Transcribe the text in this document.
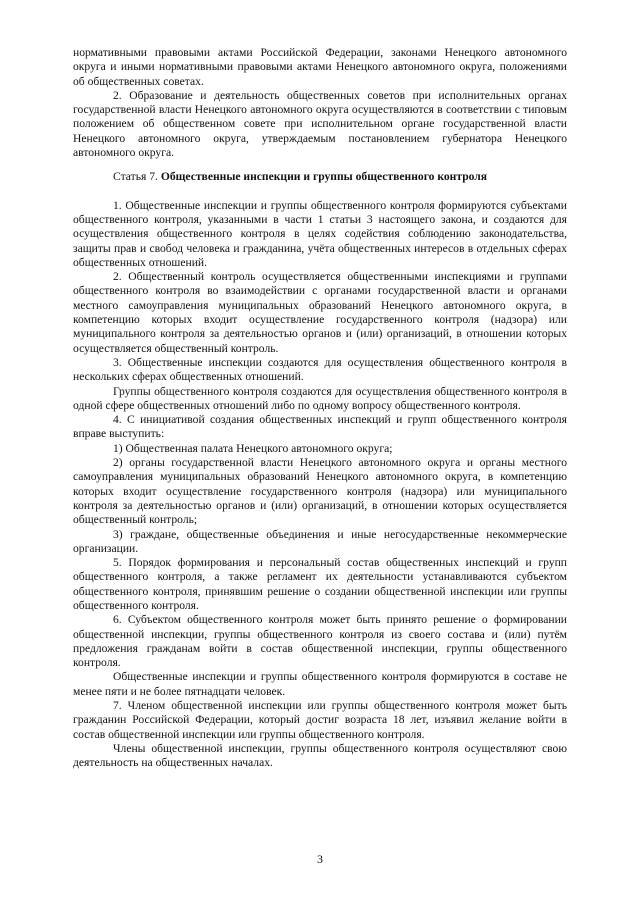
нормативными правовыми актами Российской Федерации, законами Ненецкого автономного округа и иными нормативными правовыми актами Ненецкого автономного округа, положениями об общественных советах.

2. Образование и деятельность общественных советов при исполнительных органах государственной власти Ненецкого автономного округа осуществляются в соответствии с типовым положением об общественном совете при исполнительном органе государственной власти Ненецкого автономного округа, утверждаемым постановлением губернатора Ненецкого автономного округа.

Статья 7. Общественные инспекции и группы общественного контроля

1. Общественные инспекции и группы общественного контроля формируются субъектами общественного контроля, указанными в части 1 статьи 3 настоящего закона, и создаются для осуществления общественного контроля в целях содействия соблюдению законодательства, защиты прав и свобод человека и гражданина, учёта общественных интересов в отдельных сферах общественных отношений.

2. Общественный контроль осуществляется общественными инспекциями и группами общественного контроля во взаимодействии с органами государственной власти и органами местного самоуправления муниципальных образований Ненецкого автономного округа, в компетенцию которых входит осуществление государственного контроля (надзора) или муниципального контроля за деятельностью органов и (или) организаций, в отношении которых осуществляется общественный контроль.

3. Общественные инспекции создаются для осуществления общественного контроля в нескольких сферах общественных отношений.

Группы общественного контроля создаются для осуществления общественного контроля в одной сфере общественных отношений либо по одному вопросу общественного контроля.

4. С инициативой создания общественных инспекций и групп общественного контроля вправе выступить:

1) Общественная палата Ненецкого автономного округа;

2) органы государственной власти Ненецкого автономного округа и органы местного самоуправления муниципальных образований Ненецкого автономного округа, в компетенцию которых входит осуществление государственного контроля (надзора) или муниципального контроля за деятельностью органов и (или) организаций, в отношении которых осуществляется общественный контроль;

3) граждане, общественные объединения и иные негосударственные некоммерческие организации.

5. Порядок формирования и персональный состав общественных инспекций и групп общественного контроля, а также регламент их деятельности устанавливаются субъектом общественного контроля, принявшим решение о создании общественной инспекции или группы общественного контроля.

6. Субъектом общественного контроля может быть принято решение о формировании общественной инспекции, группы общественного контроля из своего состава и (или) путём предложения гражданам войти в состав общественной инспекции, группы общественного контроля.

Общественные инспекции и группы общественного контроля формируются в составе не менее пяти и не более пятнадцати человек.

7. Членом общественной инспекции или группы общественного контроля может быть гражданин Российской Федерации, который достиг возраста 18 лет, изъявил желание войти в состав общественной инспекции или группы общественного контроля.

Члены общественной инспекции, группы общественного контроля осуществляют свою деятельность на общественных началах.

3
